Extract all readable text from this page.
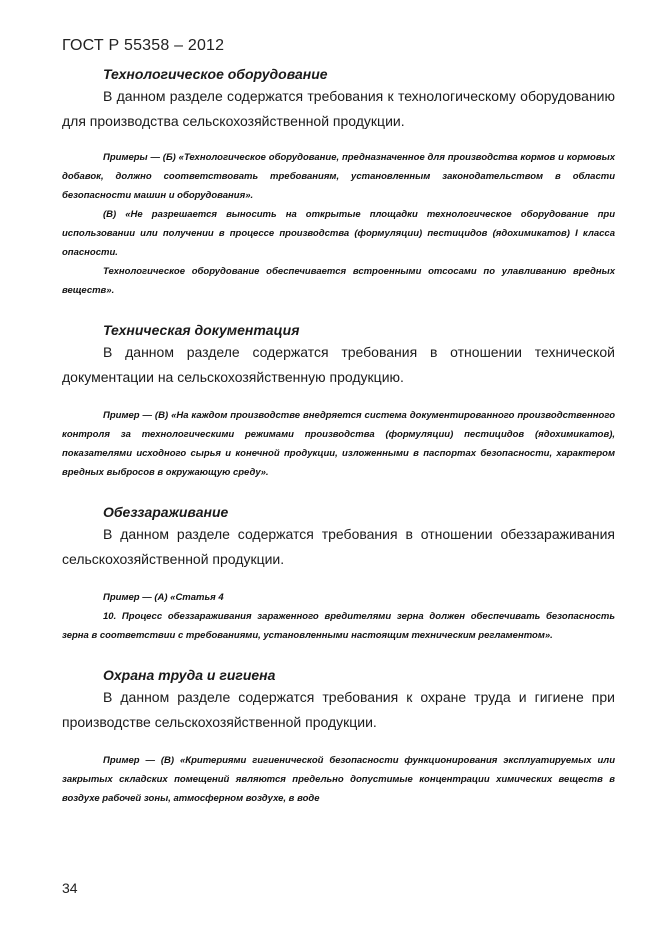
ГОСТ Р 55358 – 2012

Технологическое оборудование

В данном разделе содержатся требования к технологическому оборудованию для производства сельскохозяйственной продукции.

Примеры — (Б) «Технологическое оборудование, предназначенное для производства кормов и кормовых добавок, должно соответствовать требованиям, установленным законодательством в области безопасности машин и оборудования».

(В) «Не разрешается выносить на открытые площадки технологическое оборудование при использовании или получении в процессе производства (формуляции) пестицидов (ядохимикатов) I класса опасности.

Технологическое оборудование обеспечивается встроенными отсосами по улавливанию вредных веществ».

Техническая документация

В данном разделе содержатся требования в отношении технической документации на сельскохозяйственную продукцию.

Пример — (В) «На каждом производстве внедряется система документированного производственного контроля за технологическими режимами производства (формуляции) пестицидов (ядохимикатов), показателями исходного сырья и конечной продукции, изложенными в паспортах безопасности, характером вредных выбросов в окружающую среду».

Обеззараживание

В данном разделе содержатся требования в отношении обеззараживания сельскохозяйственной продукции.

Пример — (А) «Статья 4

10. Процесс обеззараживания зараженного вредителями зерна должен обеспечивать безопасность зерна в соответствии с требованиями, установленными настоящим техническим регламентом».

Охрана труда и гигиена

В данном разделе содержатся требования к охране труда и гигиене при производстве сельскохозяйственной продукции.

Пример — (В) «Критериями гигиенической безопасности функционирования эксплуатируемых или закрытых складских помещений являются предельно допустимые концентрации химических веществ в воздухе рабочей зоны, атмосферном воздухе, в воде

34
